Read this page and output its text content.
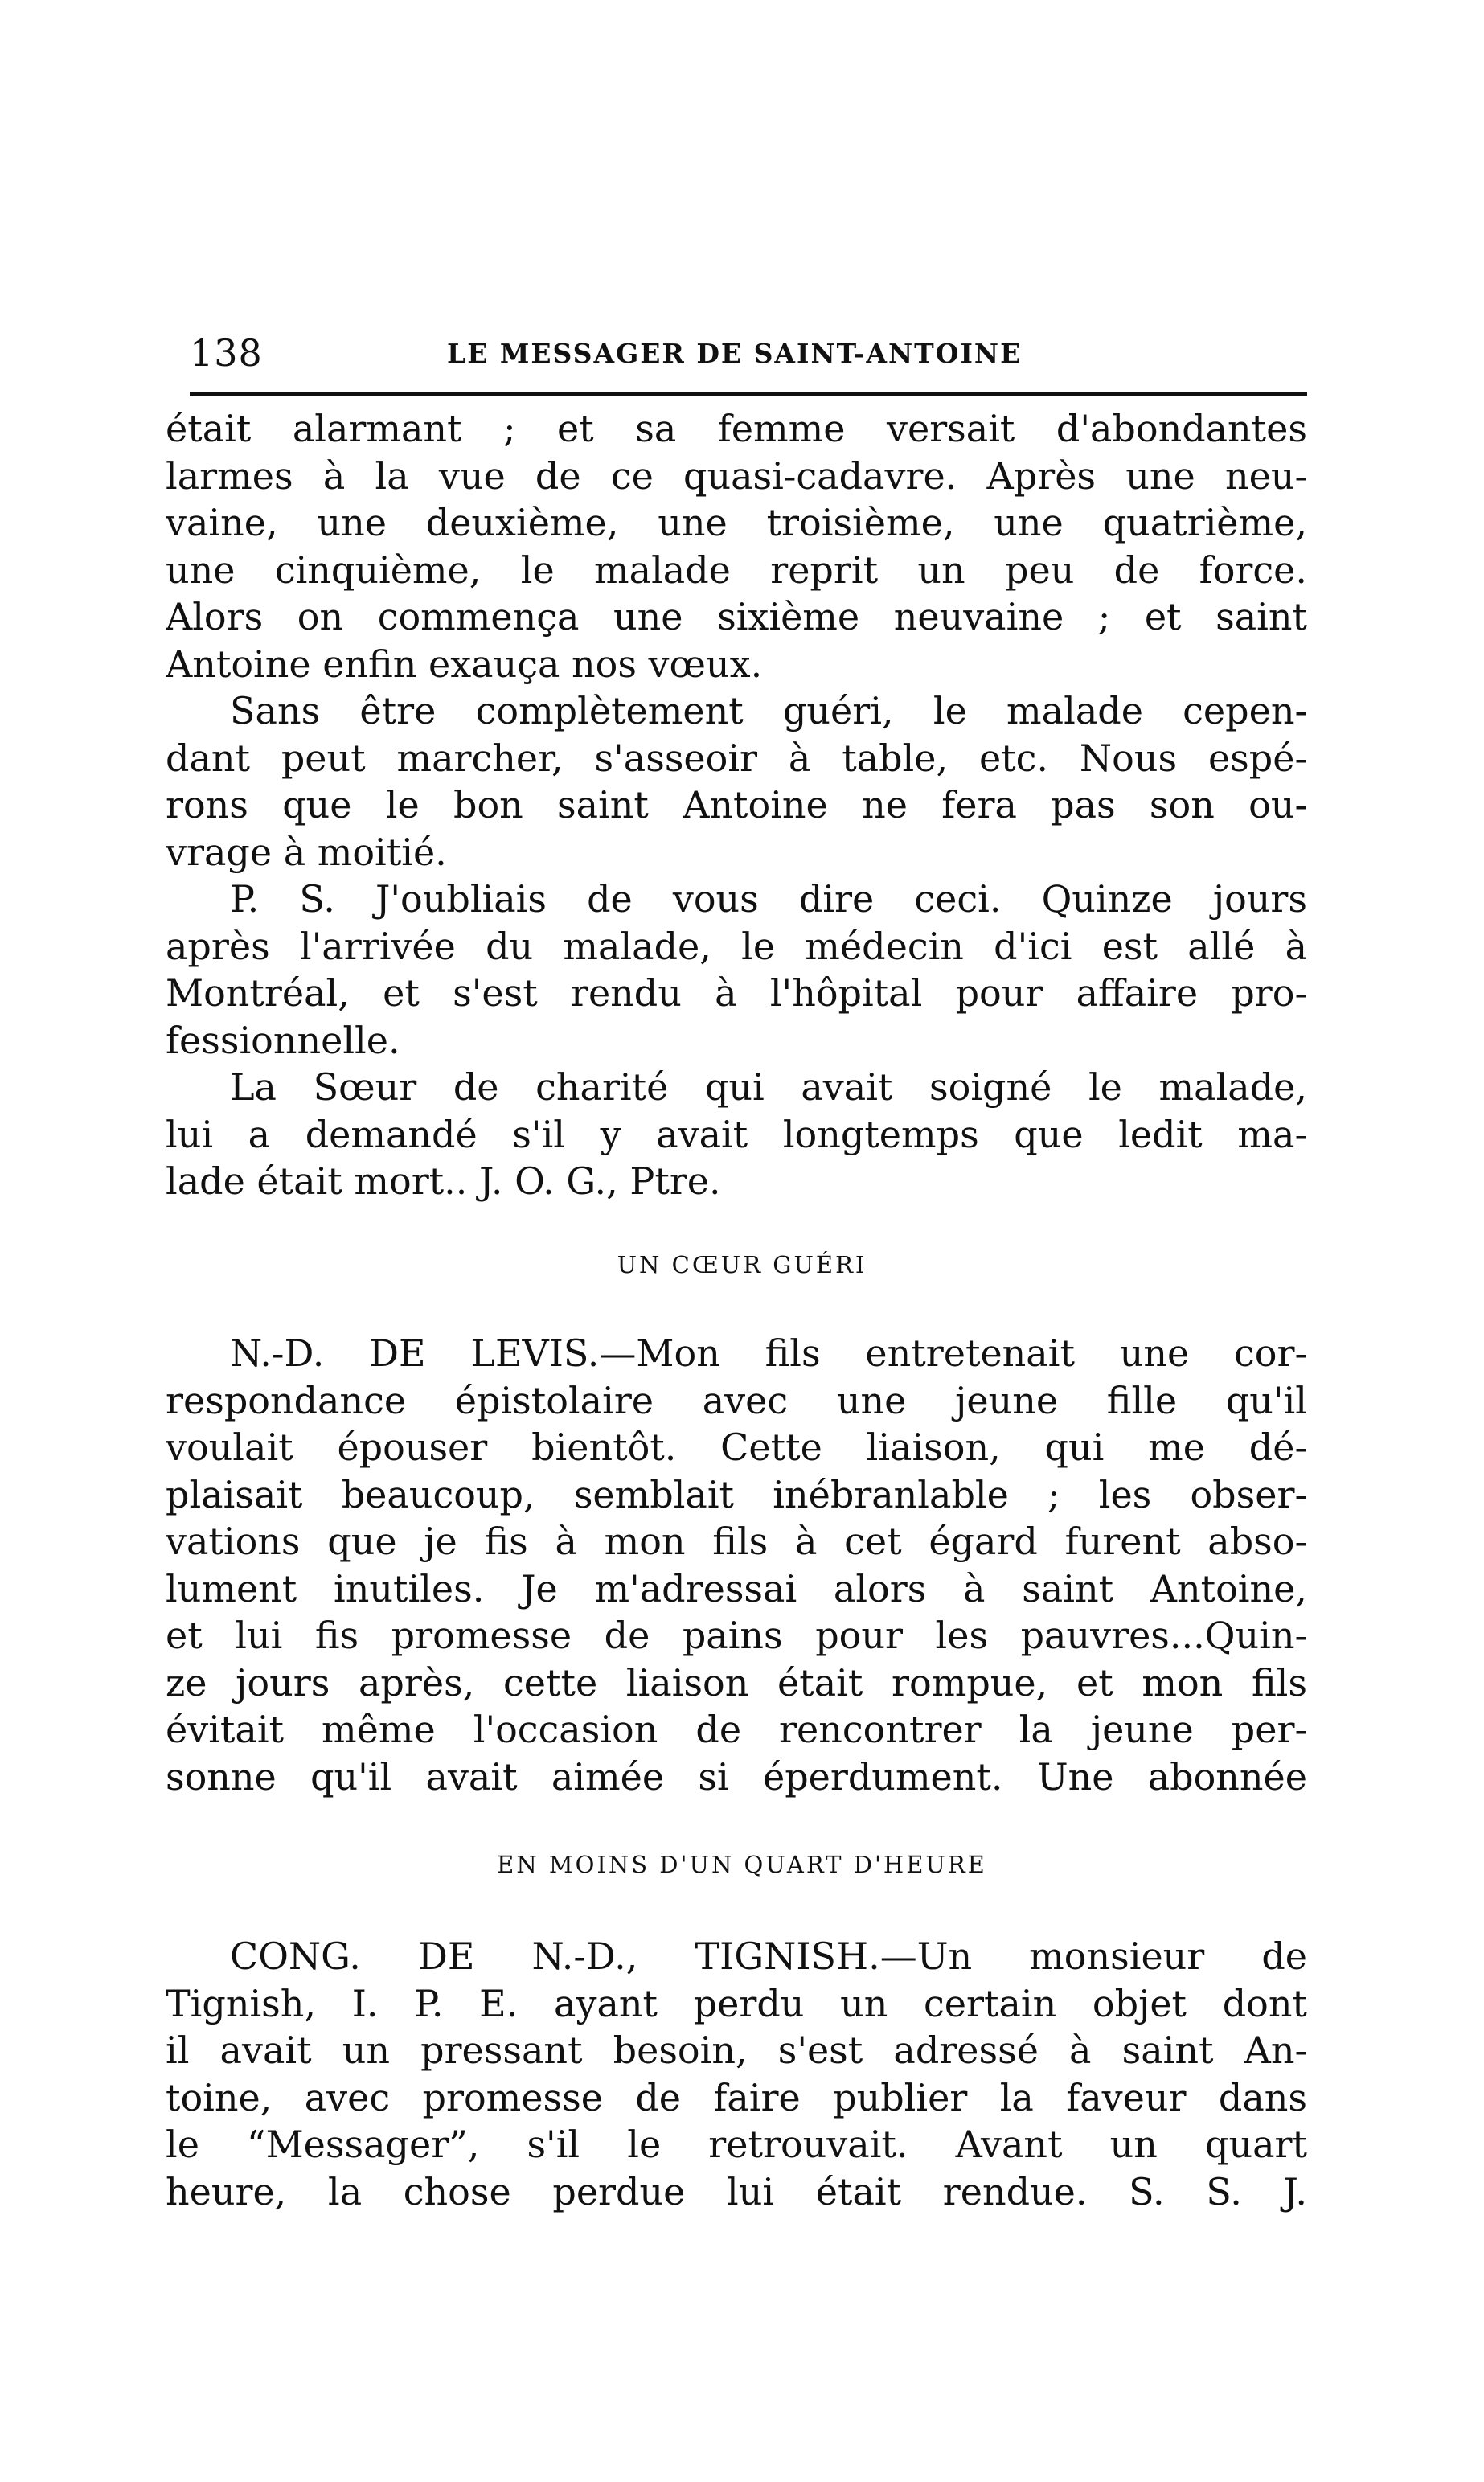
138	LE MESSAGER DE SAINT-ANTOINE
était alarmant ; et sa femme versait d'abondantes
larmes à la vue de ce quasi-cadavre. Après une neu-
vaine, une deuxième, une troisième, une quatrième,
une cinquième, le malade reprit un peu de force.
Alors on commença une sixième neuvaine ; et saint
Antoine enfin exauça nos vœux.
Sans être complètement guéri, le malade cepen-
dant peut marcher, s'asseoir à table, etc. Nous espé-
rons que le bon saint Antoine ne fera pas son ou-
vrage à moitié.
P. S. J'oubliais de vous dire ceci. Quinze jours
après l'arrivée du malade, le médecin d'ici est allé à
Montréal, et s'est rendu à l'hôpital pour affaire pro-
fessionnelle.
La Sœur de charité qui avait soigné le malade,
lui a demandé s'il y avait longtemps que ledit ma-
lade était mort.. J. O. G., Ptre.
UN CŒUR GUÉRI
N.-D. DE LEVIS.—Mon fils entretenait une cor-
respondance épistolaire avec une jeune fille qu'il
voulait épouser bientôt. Cette liaison, qui me dé-
plaisait beaucoup, semblait inébranlable ; les obser-
vations que je fis à mon fils à cet égard furent abso-
lument inutiles. Je m'adressai alors à saint Antoine,
et lui fis promesse de pains pour les pauvres...Quin-
ze jours après, cette liaison était rompue, et mon fils
évitait même l'occasion de rencontrer la jeune per-
sonne qu'il avait aimée si éperdument. Une abonnée
EN MOINS D'UN QUART D'HEURE
CONG. DE N.-D., TIGNISH.—Un monsieur de
Tignish, I. P. E. ayant perdu un certain objet dont
il avait un pressant besoin, s'est adressé à saint An-
toine, avec promesse de faire publier la faveur dans
le “Messager”, s'il le retrouvait. Avant un quart
heure, la chose perdue lui était rendue. S. S. J.
